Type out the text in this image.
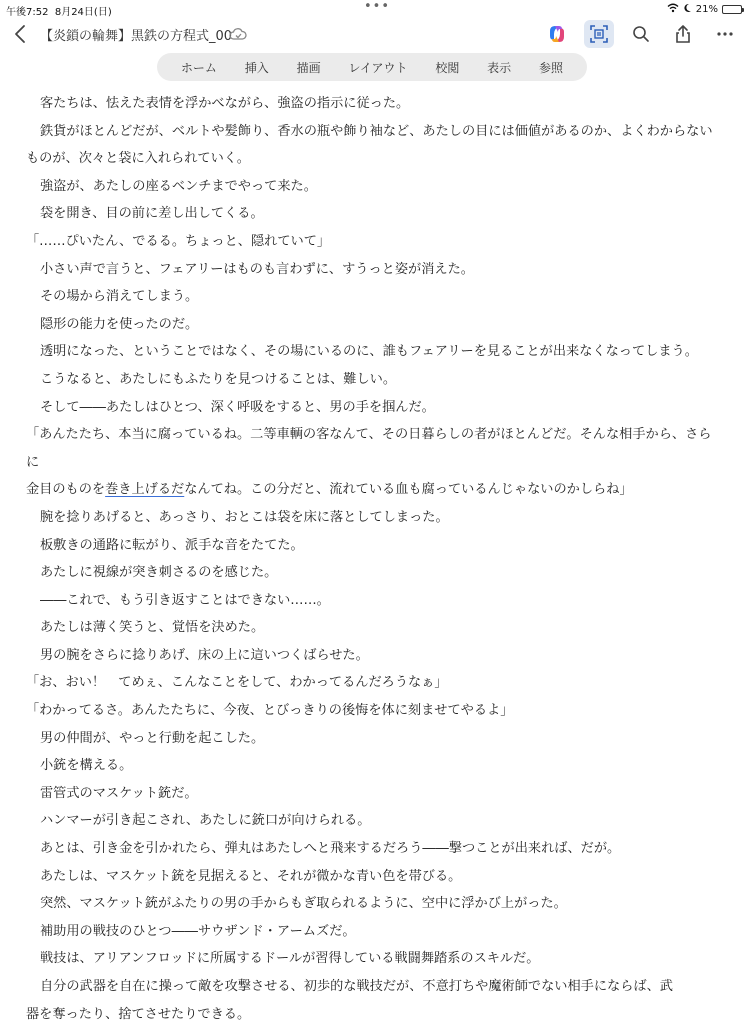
午後7:52 8月24日(日)	•••	21%
【炎鎖の輪舞】黒鉄の方程式_00
ホーム	挿入	描画	レイアウト	校閲	表示	参照
客たちは、怯えた表情を浮かべながら、強盗の指示に従った。
鉄貨がほとんどだが、ベルトや髪飾り、香水の瓶や飾り袖など、あたしの目には価値があるのか、よくわからない
ものが、次々と袋に入れられていく。
強盗が、あたしの座るベンチまでやって来た。
袋を開き、目の前に差し出してくる。
「……ぴいたん、でるる。ちょっと、隠れていて」
小さい声で言うと、フェアリーはものも言わずに、すうっと姿が消えた。
その場から消えてしまう。
隠形の能力を使ったのだ。
透明になった、ということではなく、その場にいるのに、誰もフェアリーを見ることが出来なくなってしまう。
こうなると、あたしにもふたりを見つけることは、難しい。
そして――あたしはひとつ、深く呼吸をすると、男の手を掴んだ。
「あんたたち、本当に腐っているね。二等車輌の客なんて、その日暮らしの者がほとんどだ。そんな相手から、さらに
金目のものを巻き上げるだなんてね。この分だと、流れている血も腐っているんじゃないのかしらね」
腕を捻りあげると、あっさり、おとこは袋を床に落としてしまった。
板敷きの通路に転がり、派手な音をたてた。
あたしに視線が突き刺さるのを感じた。
――これで、もう引き返すことはできない……。
あたしは薄く笑うと、覚悟を決めた。
男の腕をさらに捻りあげ、床の上に這いつくばらせた。
「お、おい！　てめぇ、こんなことをして、わかってるんだろうなぁ」
「わかってるさ。あんたたちに、今夜、とびっきりの後悔を体に刻ませてやるよ」
男の仲間が、やっと行動を起こした。
小銃を構える。
雷管式のマスケット銃だ。
ハンマーが引き起こされ、あたしに銃口が向けられる。
あとは、引き金を引かれたら、弾丸はあたしへと飛来するだろう――撃つことが出来れば、だが。
あたしは、マスケット銃を見据えると、それが微かな青い色を帯びる。
突然、マスケット銃がふたりの男の手からもぎ取られるように、空中に浮かび上がった。
補助用の戦技のひとつ――サウザンド・アームズだ。
戦技は、アリアンフロッドに所属するドールが習得している戦闘舞踏系のスキルだ。
自分の武器を自在に操って敵を攻撃させる、初歩的な戦技だが、不意打ちや魔術師でない相手にならば、武
器を奪ったり、捨てさせたりできる。
